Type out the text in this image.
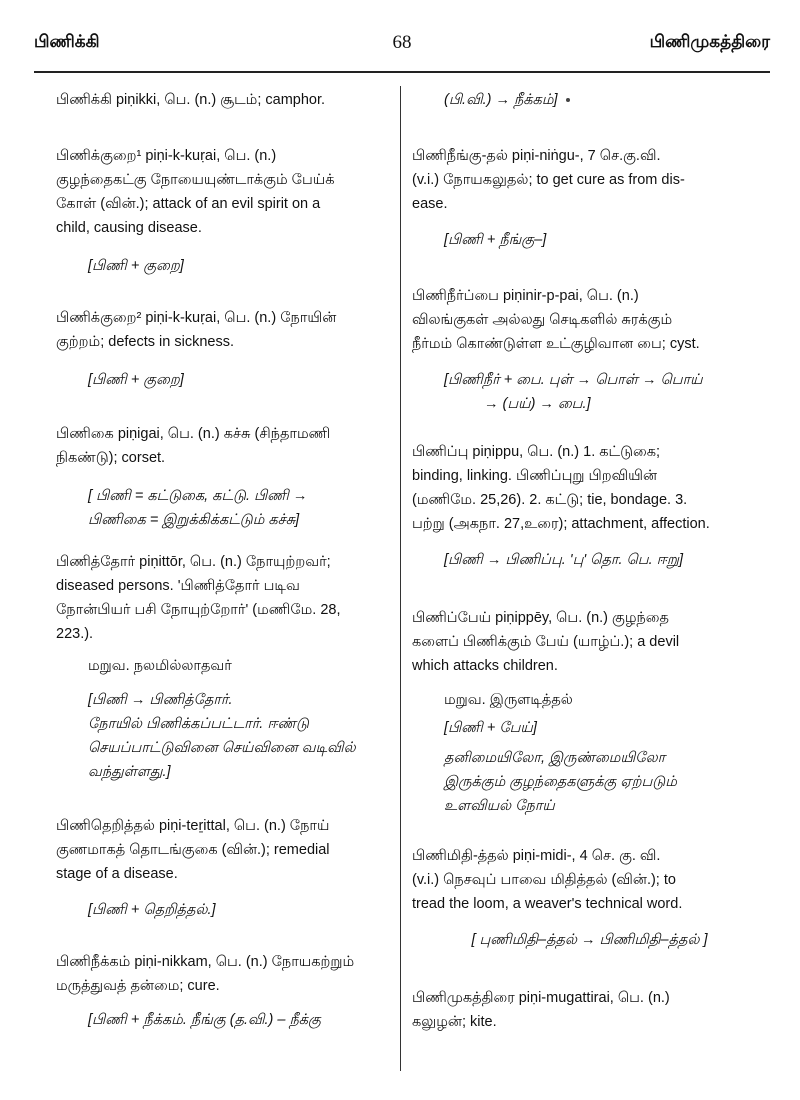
பிணிக்கி	68	பிணிமுகத்திரை
பிணிக்கி piṇikki, பெ. (n.) சூடம்; camphor.
பிணிக்குறை¹ piṇi-k-kuṛai, பெ. (n.)
குழந்தைகட்கு நோயையுண்டாக்கும் பேய்க்
கோள் (வின்.); attack of an evil spirit on a
child, causing disease.
[பிணி + குறை]
பிணிக்குறை² piṇi-k-kuṛai, பெ. (n.) நோயின்
குற்றம்; defects in sickness.
[பிணி + குறை]
பிணிகை piṇigai, பெ. (n.) கச்சு (சிந்தாமணி
நிகண்டு); corset.
[ பிணி = கட்டுகை, கட்டு. பிணி →
பிணிகை = இறுக்கிக்கட்டும் கச்சு]
பிணித்தோர் piṇittōr, பெ. (n.) நோயுற்றவர்;
diseased persons. 'பிணித்தோர் படிவ
நோன்பியர் பசி நோயுற்றோர்' (மணிமே. 28,
223.).
மறுவ. நலமில்லாதவர்
[பிணி → பிணித்தோர்.
நோயில் பிணிக்கப்பட்டார். ஈண்டு
செயப்பாட்டுவினை செய்வினை வடிவில்
வந்துள்ளது.]
பிணிதெறித்தல் piṇi-teṟittal, பெ. (n.) நோய்
குணமாகத் தொடங்குகை (வின்.); remedial
stage of a disease.
[பிணி + தெறித்தல்.]
பிணிநீக்கம் piṇi-nikkam, பெ. (n.) நோயகற்றும்
மருத்துவத் தன்மை; cure.
[பிணி + நீக்கம். நீங்கு (த.வி.) – நீக்கு
(பி.வி.) → நீக்கம்]
பிணிநீங்கு-தல் piṇi-niṅgu-, 7 செ.கு.வி.
(v.i.) நோயகலுதல்; to get cure as from dis-
ease.
[பிணி + நீங்கு–]
பிணிநீர்ப்பை piṇinir-p-pai, பெ. (n.)
விலங்குகள் அல்லது செடிகளில் சுரக்கும்
நீர்மம் கொண்டுள்ள உட்குழிவான பை; cyst.
[பிணிநீர் + பை. புள் → பொள் → பொய்
→ (பய்) → பை.]
பிணிப்பு piṇippu, பெ. (n.) 1. கட்டுகை;
binding, linking. பிணிப்புறு பிறவியின்
(மணிமே. 25,26). 2. கட்டு; tie, bondage. 3.
பற்று (அகநா. 27,உரை); attachment, affection.
[பிணி → பிணிப்பு. 'பு' தொ. பெ. ஈறு]
பிணிப்பேய் piṇippēy, பெ. (n.) குழந்தை
களைப் பிணிக்கும் பேய் (யாழ்ப்.); a devil
which attacks children.
மறுவ. இருளடித்தல்
[பிணி + பேய்]
தனிமையிலோ, இருண்மையிலோ
இருக்கும் குழந்தைகளுக்கு ஏற்படும்
உளவியல் நோய்
பிணிமிதி-த்தல் piṇi-midi-, 4 செ. கு. வி.
(v.i.) நெசவுப் பாவை மிதித்தல் (வின்.); to
tread the loom, a weaver's technical word.
[ புணிமிதி–த்தல் → பிணிமிதி–த்தல் ]
பிணிமுகத்திரை piṇi-mugattirai, பெ. (n.)
கலுழன்; kite.
